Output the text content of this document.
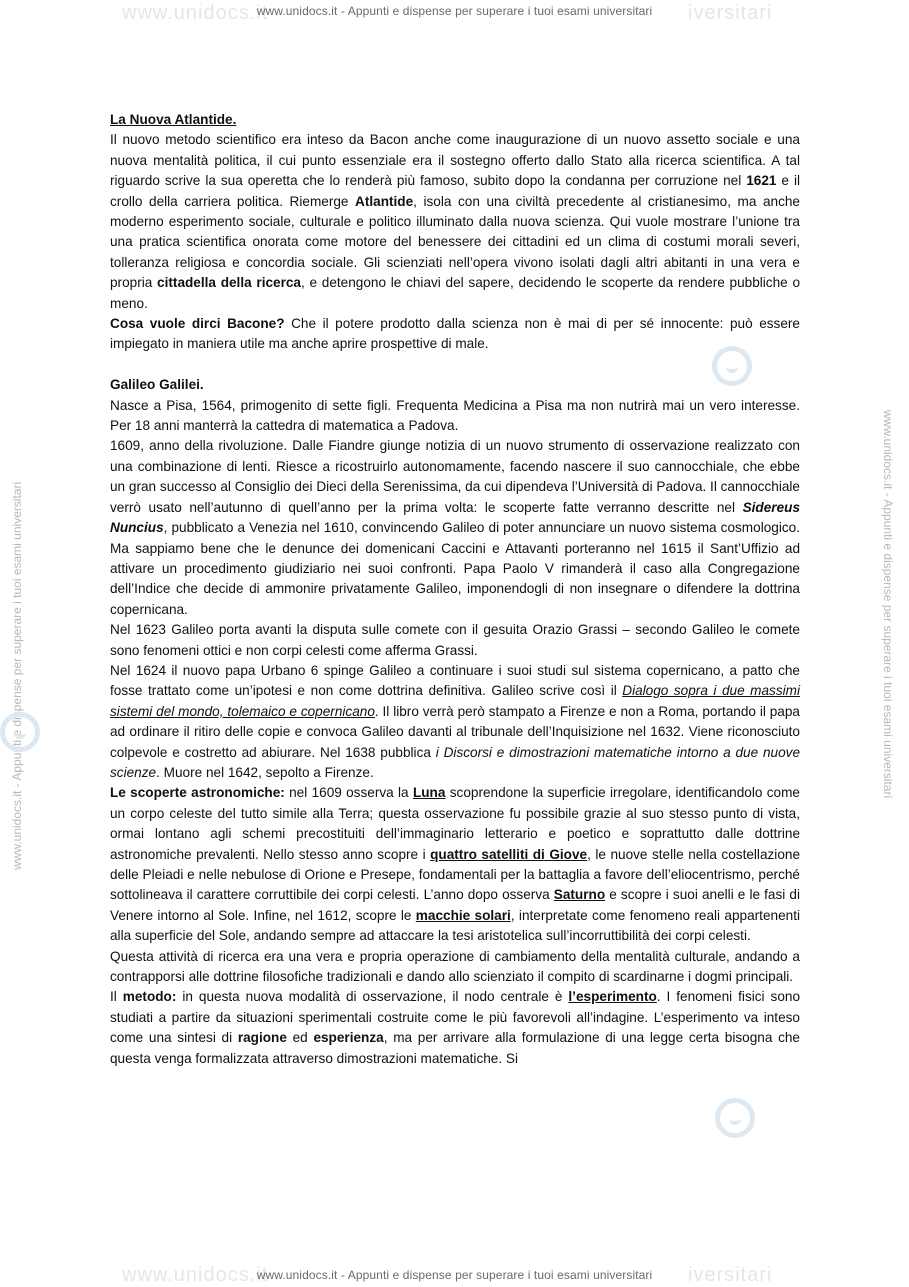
www.unidocs.it	iversitari
www.unidocs.it - Appunti e dispense per superare i tuoi esami universitari
www.unidocs.it	iversitari
www.unidocs.it - Appunti e dispense per superare i tuoi esami universitari
www.unidocs.it - Appunti e dispense per superare i tuoi esami universitari	www.unidocs.it - Appunti e dispense per superare i tuoi esami universitari

La Nuova Atlantide.

Il nuovo metodo scientifico era inteso da Bacon anche come inaugurazione di un nuovo assetto sociale e una nuova mentalità politica, il cui punto essenziale era il sostegno offerto dallo Stato alla ricerca scientifica. A tal riguardo scrive la sua operetta che lo renderà più famoso, subito dopo la condanna per corruzione nel 1621 e il crollo della carriera politica. Riemerge Atlantide, isola con una civiltà precedente al cristianesimo, ma anche moderno esperimento sociale, culturale e politico illuminato dalla nuova scienza. Qui vuole mostrare l’unione tra una pratica scientifica onorata come motore del benessere dei cittadini ed un clima di costumi morali severi, tolleranza religiosa e concordia sociale. Gli scienziati nell’opera vivono isolati dagli altri abitanti in una vera e propria cittadella della ricerca, e detengono le chiavi del sapere, decidendo le scoperte da rendere pubbliche o meno.

Cosa vuole dirci Bacone? Che il potere prodotto dalla scienza non è mai di per sé innocente: può essere impiegato in maniera utile ma anche aprire prospettive di male.

Galileo Galilei.

Nasce a Pisa, 1564, primogenito di sette figli. Frequenta Medicina a Pisa ma non nutrirà mai un vero interesse. Per 18 anni manterrà la cattedra di matematica a Padova.

1609, anno della rivoluzione. Dalle Fiandre giunge notizia di un nuovo strumento di osservazione realizzato con una combinazione di lenti. Riesce a ricostruirlo autonomamente, facendo nascere il suo cannocchiale, che ebbe un gran successo al Consiglio dei Dieci della Serenissima, da cui dipendeva l’Università di Padova. Il cannocchiale verrò usato nell’autunno di quell’anno per la prima volta: le scoperte fatte verranno descritte nel Sidereus Nuncius, pubblicato a Venezia nel 1610, convincendo Galileo di poter annunciare un nuovo sistema cosmologico. Ma sappiamo bene che le denunce dei domenicani Caccini e Attavanti porteranno nel 1615 il Sant’Uffizio ad attivare un procedimento giudiziario nei suoi confronti. Papa Paolo V rimanderà il caso alla Congregazione dell’Indice che decide di ammonire privatamente Galileo, imponendogli di non insegnare o difendere la dottrina copernicana.

Nel 1623 Galileo porta avanti la disputa sulle comete con il gesuita Orazio Grassi – secondo Galileo le comete sono fenomeni ottici e non corpi celesti come afferma Grassi.

Nel 1624 il nuovo papa Urbano 6 spinge Galileo a continuare i suoi studi sul sistema copernicano, a patto che fosse trattato come un’ipotesi e non come dottrina definitiva. Galileo scrive così il Dialogo sopra i due massimi sistemi del mondo, tolemaico e copernicano. Il libro verrà però stampato a Firenze e non a Roma, portando il papa ad ordinare il ritiro delle copie e convoca Galileo davanti al tribunale dell’Inquisizione nel 1632. Viene riconosciuto colpevole e costretto ad abiurare. Nel 1638 pubblica i Discorsi e dimostrazioni matematiche intorno a due nuove scienze. Muore nel 1642, sepolto a Firenze.

Le scoperte astronomiche: nel 1609 osserva la Luna scoprendone la superficie irregolare, identificandolo come un corpo celeste del tutto simile alla Terra; questa osservazione fu possibile grazie al suo stesso punto di vista, ormai lontano agli schemi precostituiti dell’immaginario letterario e poetico e soprattutto dalle dottrine astronomiche prevalenti. Nello stesso anno scopre i quattro satelliti di Giove, le nuove stelle nella costellazione delle Pleiadi e nelle nebulose di Orione e Presepe, fondamentali per la battaglia a favore dell’eliocentrismo, perché sottolineava il carattere corruttibile dei corpi celesti. L’anno dopo osserva Saturno e scopre i suoi anelli e le fasi di Venere intorno al Sole. Infine, nel 1612, scopre le macchie solari, interpretate come fenomeno reali appartenenti alla superficie del Sole, andando sempre ad attaccare la tesi aristotelica sull’incorruttibilità dei corpi celesti.

Questa attività di ricerca era una vera e propria operazione di cambiamento della mentalità culturale, andando a contrapporsi alle dottrine filosofiche tradizionali e dando allo scienziato il compito di scardinarne i dogmi principali.

Il metodo: in questa nuova modalità di osservazione, il nodo centrale è l’esperimento. I fenomeni fisici sono studiati a partire da situazioni sperimentali costruite come le più favorevoli all’indagine. L’esperimento va inteso come una sintesi di ragione ed esperienza, ma per arrivare alla formulazione di una legge certa bisogna che questa venga formalizzata attraverso dimostrazioni matematiche. Si
